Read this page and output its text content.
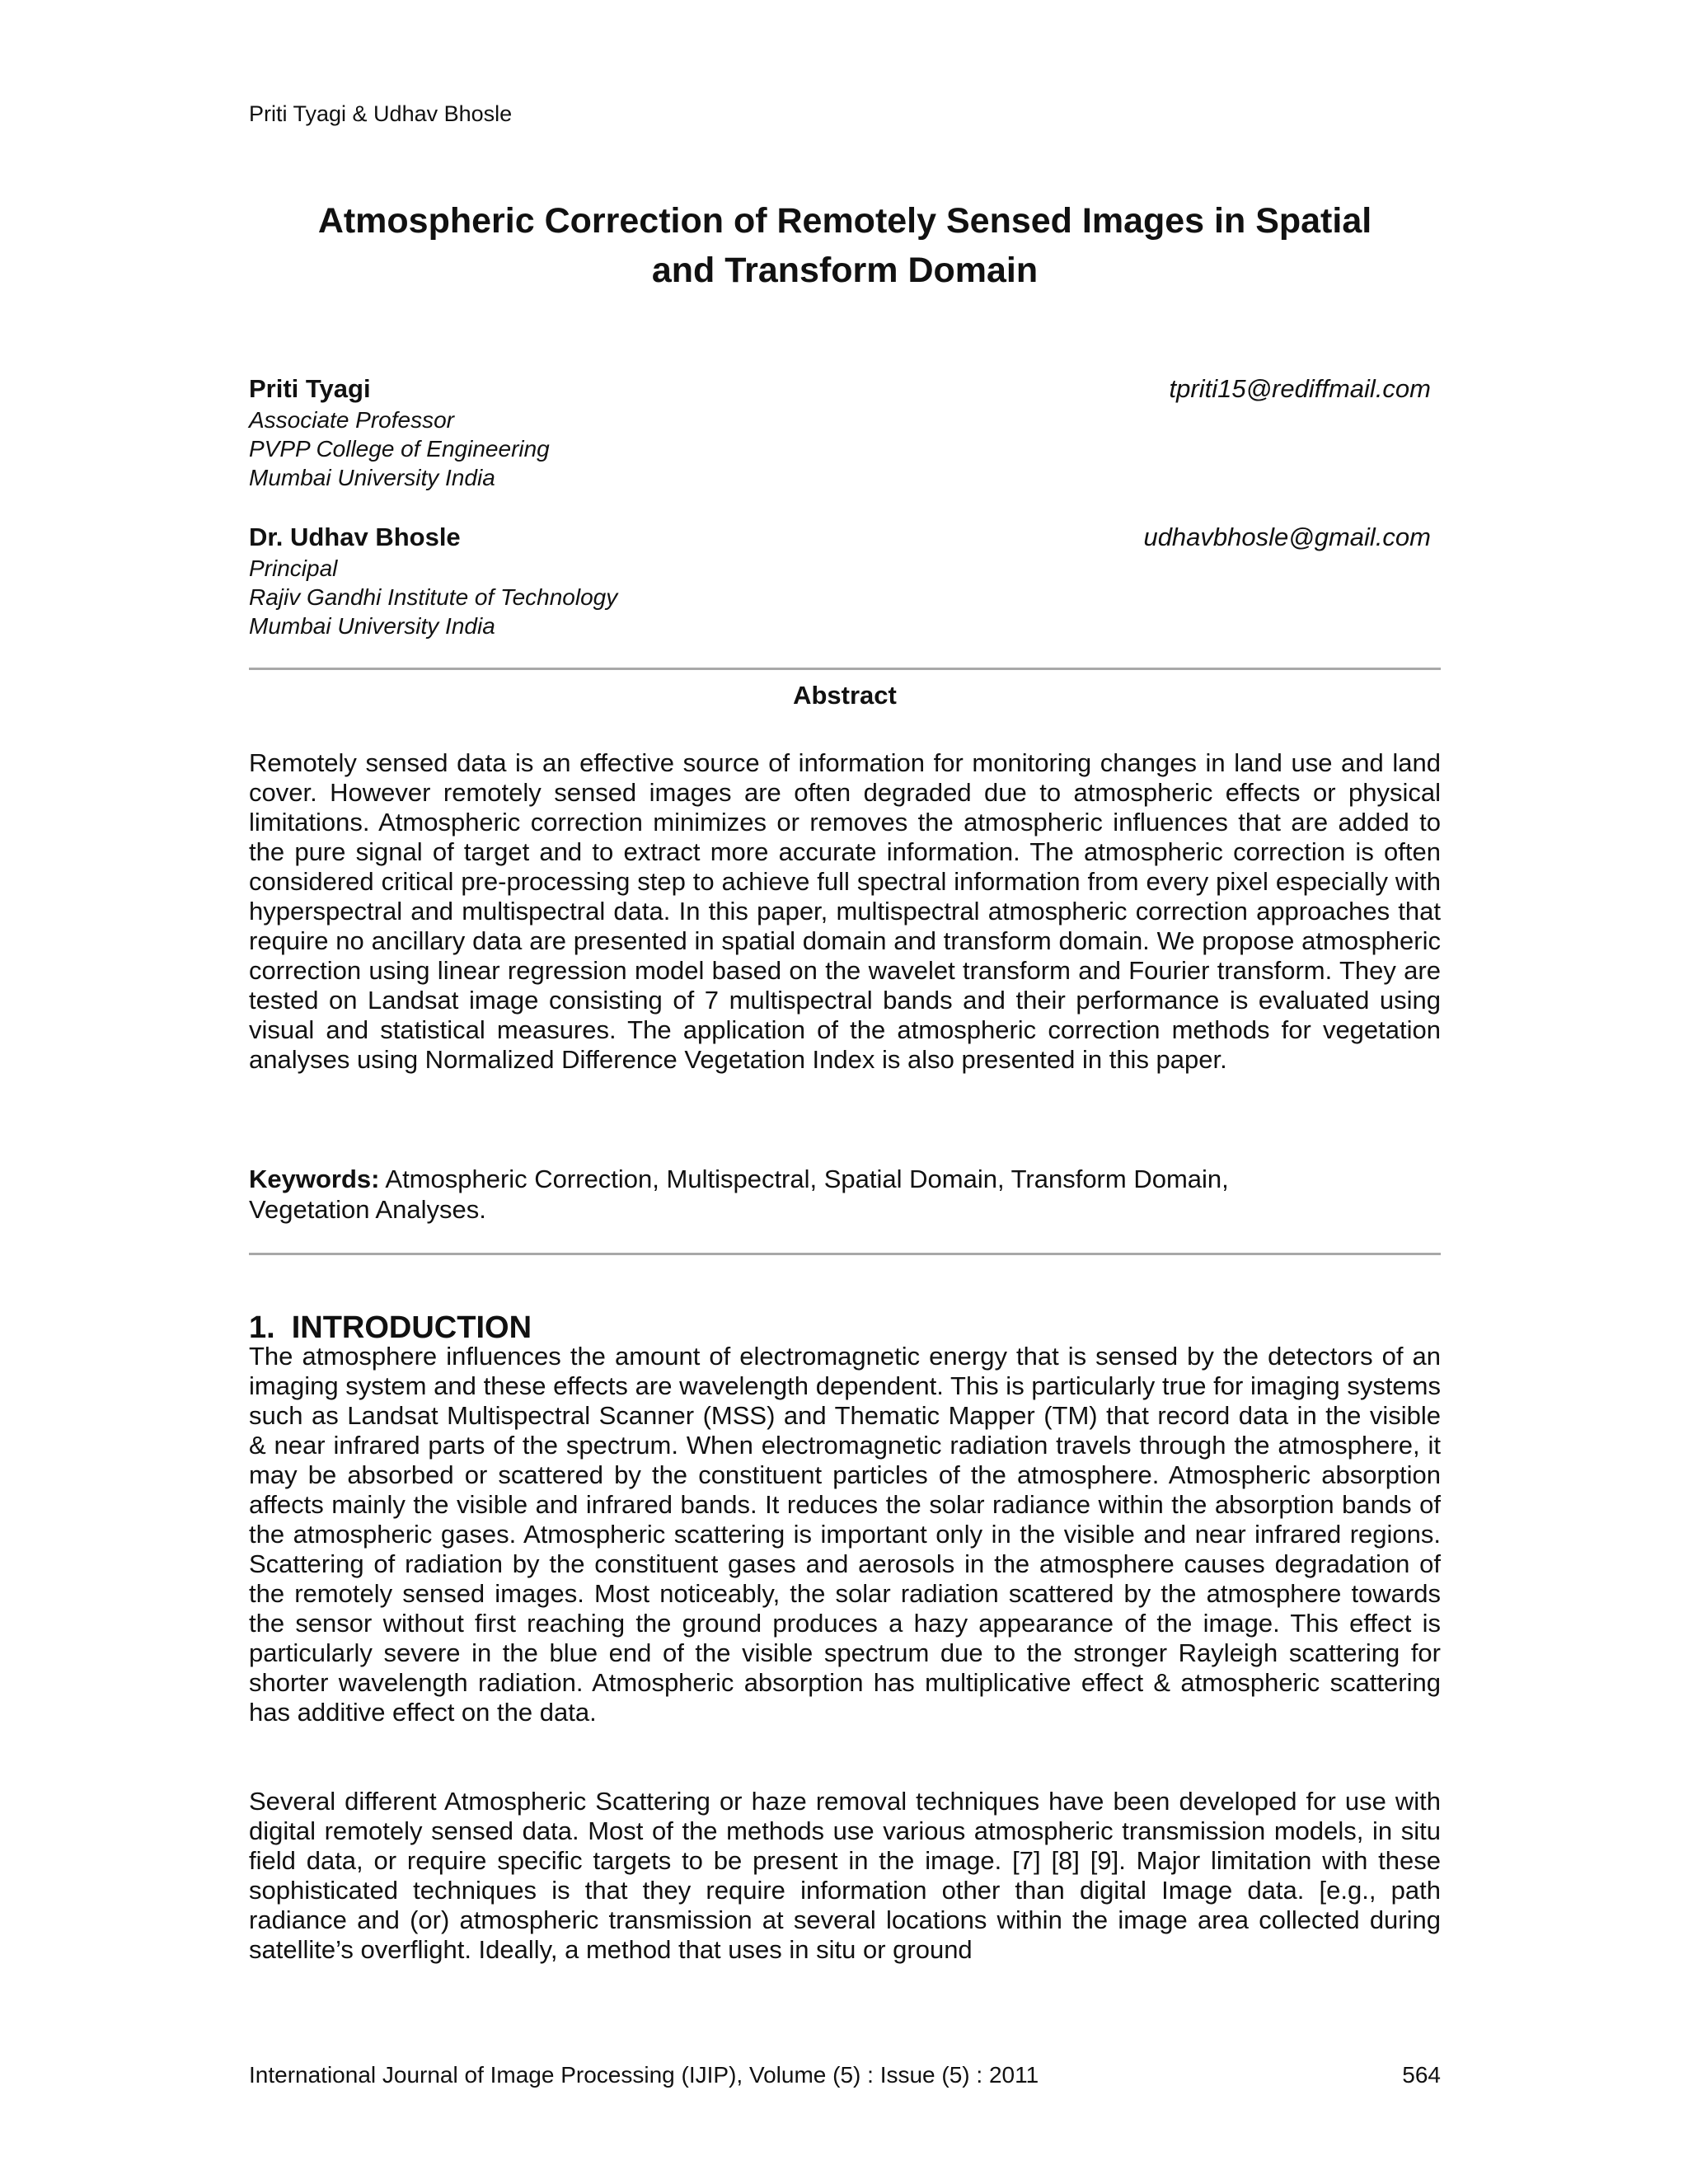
Priti Tyagi & Udhav Bhosle
Atmospheric Correction of Remotely Sensed Images in Spatial
and Transform Domain
Priti Tyagi	tpriti15@rediffmail.com
Associate Professor
PVPP College of Engineering
Mumbai University India
Dr. Udhav Bhosle	udhavbhosle@gmail.com
Principal
Rajiv Gandhi Institute of Technology
Mumbai University India
Abstract

Remotely sensed data is an effective source of information for monitoring changes in land use and land cover. However remotely sensed images are often degraded due to atmospheric effects or physical limitations. Atmospheric correction minimizes or removes the atmospheric influences that are added to the pure signal of target and to extract more accurate information. The atmospheric correction is often considered critical pre-processing step to achieve full spectral information from every pixel especially with hyperspectral and multispectral data. In this paper, multispectral atmospheric correction approaches that require no ancillary data are presented in spatial domain and transform domain. We propose atmospheric correction using linear regression model based on the wavelet transform and Fourier transform. They are tested on Landsat image consisting of 7 multispectral bands and their performance is evaluated using visual and statistical measures. The application of the atmospheric correction methods for vegetation analyses using Normalized Difference Vegetation Index is also presented in this paper.

Keywords: Atmospheric Correction, Multispectral, Spatial Domain, Transform Domain,
Vegetation Analyses.
1. INTRODUCTION

The atmosphere influences the amount of electromagnetic energy that is sensed by the detectors of an imaging system and these effects are wavelength dependent. This is particularly true for imaging systems such as Landsat Multispectral Scanner (MSS) and Thematic Mapper (TM) that record data in the visible & near infrared parts of the spectrum. When electromagnetic radiation travels through the atmosphere, it may be absorbed or scattered by the constituent particles of the atmosphere. Atmospheric absorption affects mainly the visible and infrared bands. It reduces the solar radiance within the absorption bands of the atmospheric gases. Atmospheric scattering is important only in the visible and near infrared regions. Scattering of radiation by the constituent gases and aerosols in the atmosphere causes degradation of the remotely sensed images. Most noticeably, the solar radiation scattered by the atmosphere towards the sensor without first reaching the ground produces a hazy appearance of the image. This effect is particularly severe in the blue end of the visible spectrum due to the stronger Rayleigh scattering for shorter wavelength radiation. Atmospheric absorption has multiplicative effect & atmospheric scattering has additive effect on the data.

Several different Atmospheric Scattering or haze removal techniques have been developed for use with digital remotely sensed data. Most of the methods use various atmospheric transmission models, in situ field data, or require specific targets to be present in the image. [7] [8] [9]. Major limitation with these sophisticated techniques is that they require information other than digital Image data. [e.g., path radiance and (or) atmospheric transmission at several locations within the image area collected during satellite’s overflight. Ideally, a method that uses in situ or ground

International Journal of Image Processing (IJIP), Volume (5) : Issue (5) : 2011	564
